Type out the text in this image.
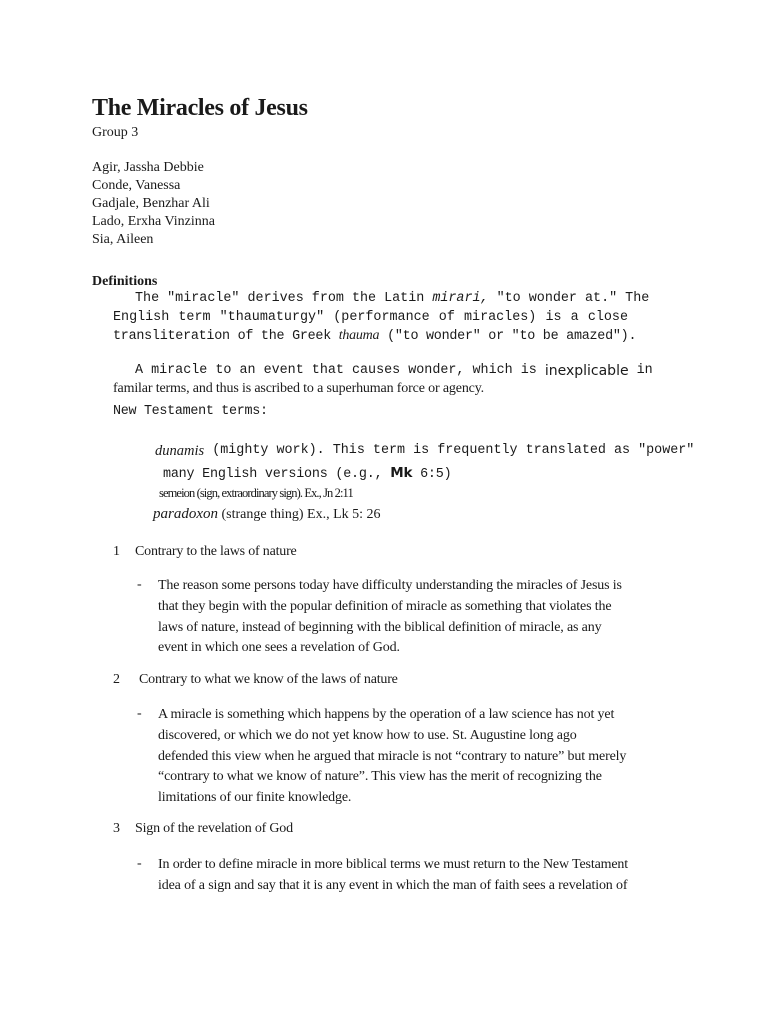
The Miracles of Jesus
Group 3
Agir, Jassha Debbie
Conde, Vanessa
Gadjale, Benzhar Ali
Lado, Erxha Vinzinna
Sia, Aileen
Definitions
The "miracle" derives from the Latin mirari, "to wonder at." The
English term "thaumaturgy" (performance of miracles) is a close
transliteration of the Greek thauma ("to wonder" or "to be amazed").
A miracle to an event that causes wonder, which is inexplicable in
familar terms, and thus is ascribed to a superhuman force or agency.
New Testament terms:
dunamis (mighty work). This term is frequently translated as "power"
many English versions (e.g., Mk 6:5)
semeion (sign, extraordinary sign). Ex., Jn 2:11
paradoxon (strange thing) Ex., Lk 5: 26
1 Contrary to the laws of nature
- The reason some persons today have difficulty understanding the miracles of Jesus is
that they begin with the popular definition of miracle as something that violates the
laws of nature, instead of beginning with the biblical definition of miracle, as any
event in which one sees a revelation of God.
2 Contrary to what we know of the laws of nature
- A miracle is something which happens by the operation of a law science has not yet
discovered, or which we do not yet know how to use. St. Augustine long ago
defended this view when he argued that miracle is not “contrary to nature” but merely
“contrary to what we know of nature”. This view has the merit of recognizing the
limitations of our finite knowledge.
3 Sign of the revelation of God
- In order to define miracle in more biblical terms we must return to the New Testament
idea of a sign and say that it is any event in which the man of faith sees a revelation of
